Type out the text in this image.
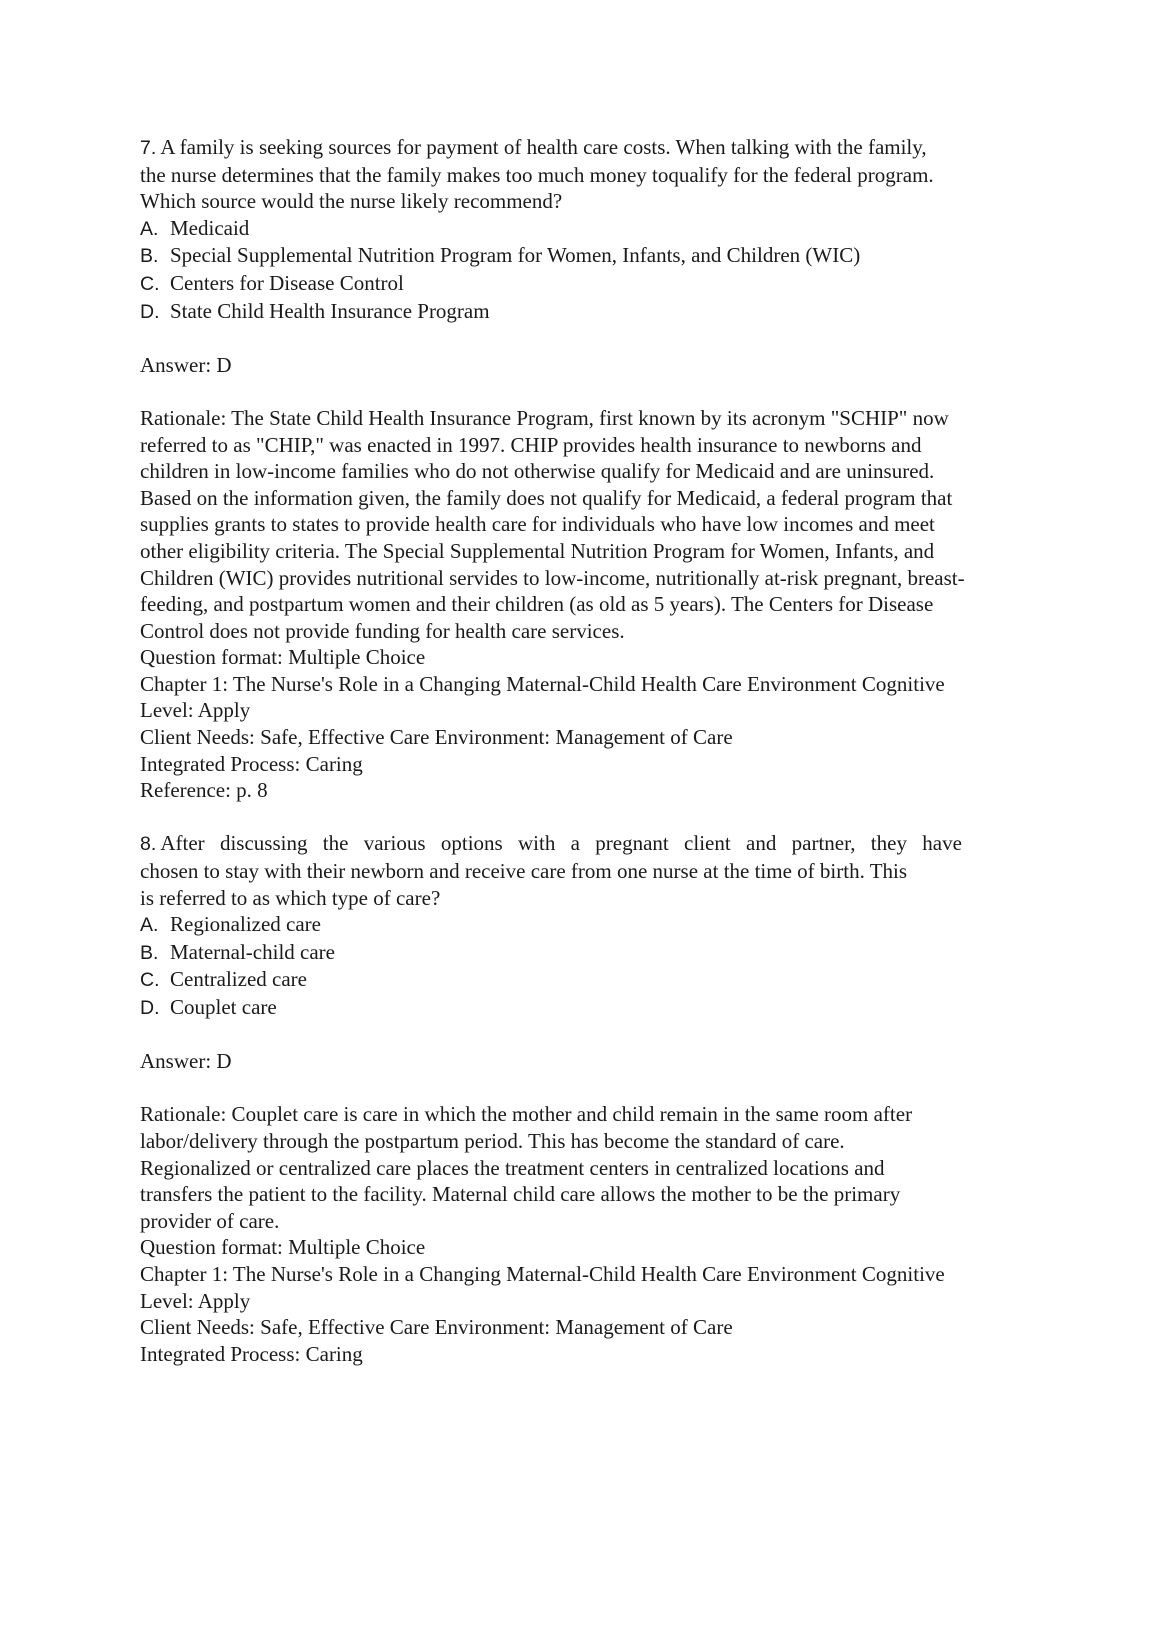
7. A family is seeking sources for payment of health care costs. When talking with the family,
the nurse determines that the family makes too much money toqualify for the federal program.
Which source would the nurse likely recommend?
A. Medicaid
B. Special Supplemental Nutrition Program for Women, Infants, and Children (WIC)
C. Centers for Disease Control
D. State Child Health Insurance Program
Answer: D
Rationale: The State Child Health Insurance Program, first known by its acronym "SCHIP" now
referred to as "CHIP," was enacted in 1997. CHIP provides health insurance to newborns and
children in low-income families who do not otherwise qualify for Medicaid and are uninsured.
Based on the information given, the family does not qualify for Medicaid, a federal program that
supplies grants to states to provide health care for individuals who have low incomes and meet
other eligibility criteria. The Special Supplemental Nutrition Program for Women, Infants, and
Children (WIC) provides nutritional servides to low-income, nutritionally at-risk pregnant, breast-
feeding, and postpartum women and their children (as old as 5 years). The Centers for Disease
Control does not provide funding for health care services.
Question format: Multiple Choice
Chapter 1: The Nurse's Role in a Changing Maternal-Child Health Care Environment Cognitive
Level: Apply
Client Needs: Safe, Effective Care Environment: Management of Care
Integrated Process: Caring
Reference: p. 8
8. After discussing the various options with a pregnant client and partner, they have
chosen to stay with their newborn and receive care from one nurse at the time of birth. This
is referred to as which type of care?
A. Regionalized care
B. Maternal-child care
C. Centralized care
D. Couplet care
Answer: D
Rationale: Couplet care is care in which the mother and child remain in the same room after
labor/delivery through the postpartum period. This has become the standard of care.
Regionalized or centralized care places the treatment centers in centralized locations and
transfers the patient to the facility. Maternal child care allows the mother to be the primary
provider of care.
Question format: Multiple Choice
Chapter 1: The Nurse's Role in a Changing Maternal-Child Health Care Environment Cognitive
Level: Apply
Client Needs: Safe, Effective Care Environment: Management of Care
Integrated Process: Caring
